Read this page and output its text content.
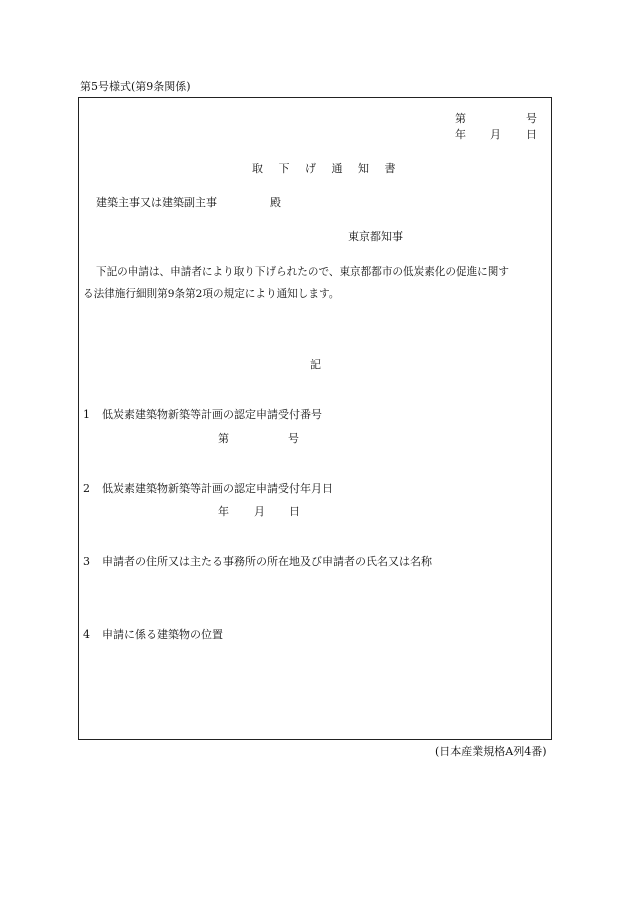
第5号様式(第9条関係)
第	号
年 月 日
取 下 げ 通 知 書
建築主事又は建築副主事	殿
東京都知事
下記の申請は、申請者により取り下げられたので、東京都都市の低炭素化の促進に関す
る法律施行細則第9条第2項の規定により通知します。
記
1 低炭素建築物新築等計画の認定申請受付番号
第	号
2 低炭素建築物新築等計画の認定申請受付年月日
年 月 日
3 申請者の住所又は主たる事務所の所在地及び申請者の氏名又は名称
4 申請に係る建築物の位置
(日本産業規格A列4番)
